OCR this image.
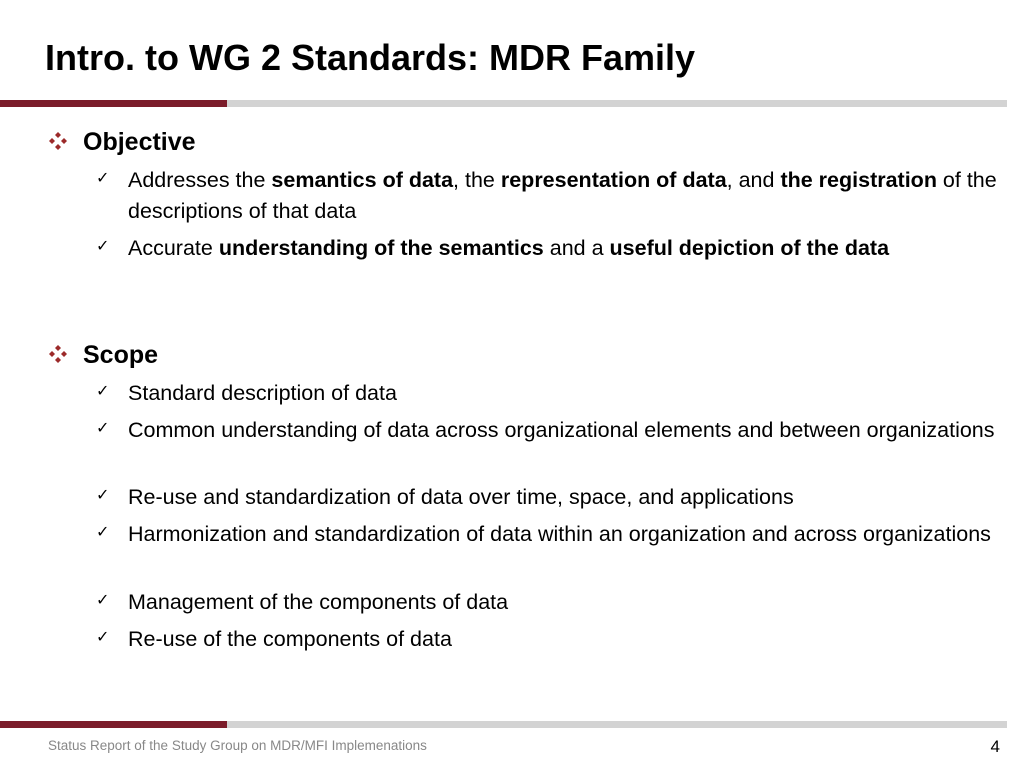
Intro. to WG 2 Standards: MDR Family
Objective
✓ Addresses the semantics of data, the representation of data, and the registration of the descriptions of that data
✓ Accurate understanding of the semantics and a useful depiction of the data
Scope
✓ Standard description of data
✓ Common understanding of data across organizational elements and between organizations
✓ Re-use and standardization of data over time, space, and applications
✓ Harmonization and standardization of data within an organization and across organizations
✓ Management of the components of data
✓ Re-use of the components of data
Status Report of the Study Group on MDR/MFI Implemenations	4
